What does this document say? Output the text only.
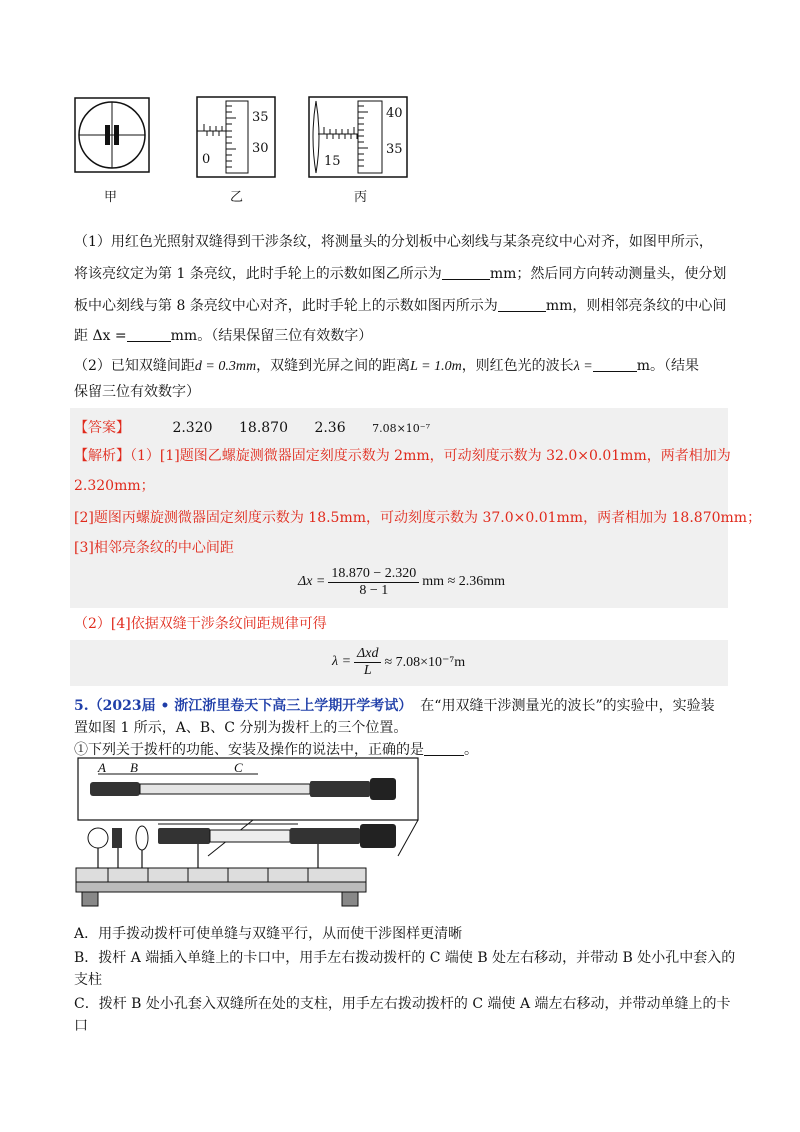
35
30
0
40
35
15
甲	乙	丙
（1）用红色光照射双缝得到干涉条纹，将测量头的分划板中心刻线与某条亮纹中心对齐，如图甲所示，
将该亮纹定为第 1 条亮纹，此时手轮上的示数如图乙所示为	mm；然后同方向转动测量头，使分划
板中心刻线与第 8 条亮纹中心对齐，此时手轮上的示数如图丙所示为	mm，则相邻亮条纹的中心间
距 Δx =	mm。（结果保留三位有效数字）
（2）已知双缝间距d = 0.3mm，双缝到光屏之间的距离L = 1.0m，则红色光的波长λ =	m。（结果
保留三位有效数字）
【答案】	2.320 18.870 2.36 7.08×10⁻⁷
【解析】（1）[1]题图乙螺旋测微器固定刻度示数为 2mm，可动刻度示数为 32.0×0.01mm，两者相加为
2.320mm；
[2]题图丙螺旋测微器固定刻度示数为 18.5mm，可动刻度示数为 37.0×0.01mm，两者相加为 18.870mm；
[3]相邻亮条纹的中心间距
$\Delta x = \frac{18.870 - 2.320}{8 - 1}$ mm ≈ 2.36mm
（2）[4]依据双缝干涉条纹间距规律可得
$\lambda = \frac{\text{Δxd}}{L} \approx 7.08\times 10^{-7}m$
5.（2023届 • 浙江浙里卷天下高三上学期开学考试） 在“用双缝干涉测量光的波长”的实验中，实验装
置如图 1 所示，A、B、C 分别为拨杆上的三个位置。
①下列关于拨杆的功能、安装及操作的说法中，正确的是	。
A B	C
A．用手拨动拨杆可使单缝与双缝平行，从而使干涉图样更清晰
B．拨杆 A 端插入单缝上的卡口中，用手左右拨动拨杆的 C 端使 B 处左右移动，并带动 B 处小孔中套入的
支柱
C．拨杆 B 处小孔套入双缝所在处的支柱，用手左右拨动拨杆的 C 端使 A 端左右移动，并带动单缝上的卡
口
